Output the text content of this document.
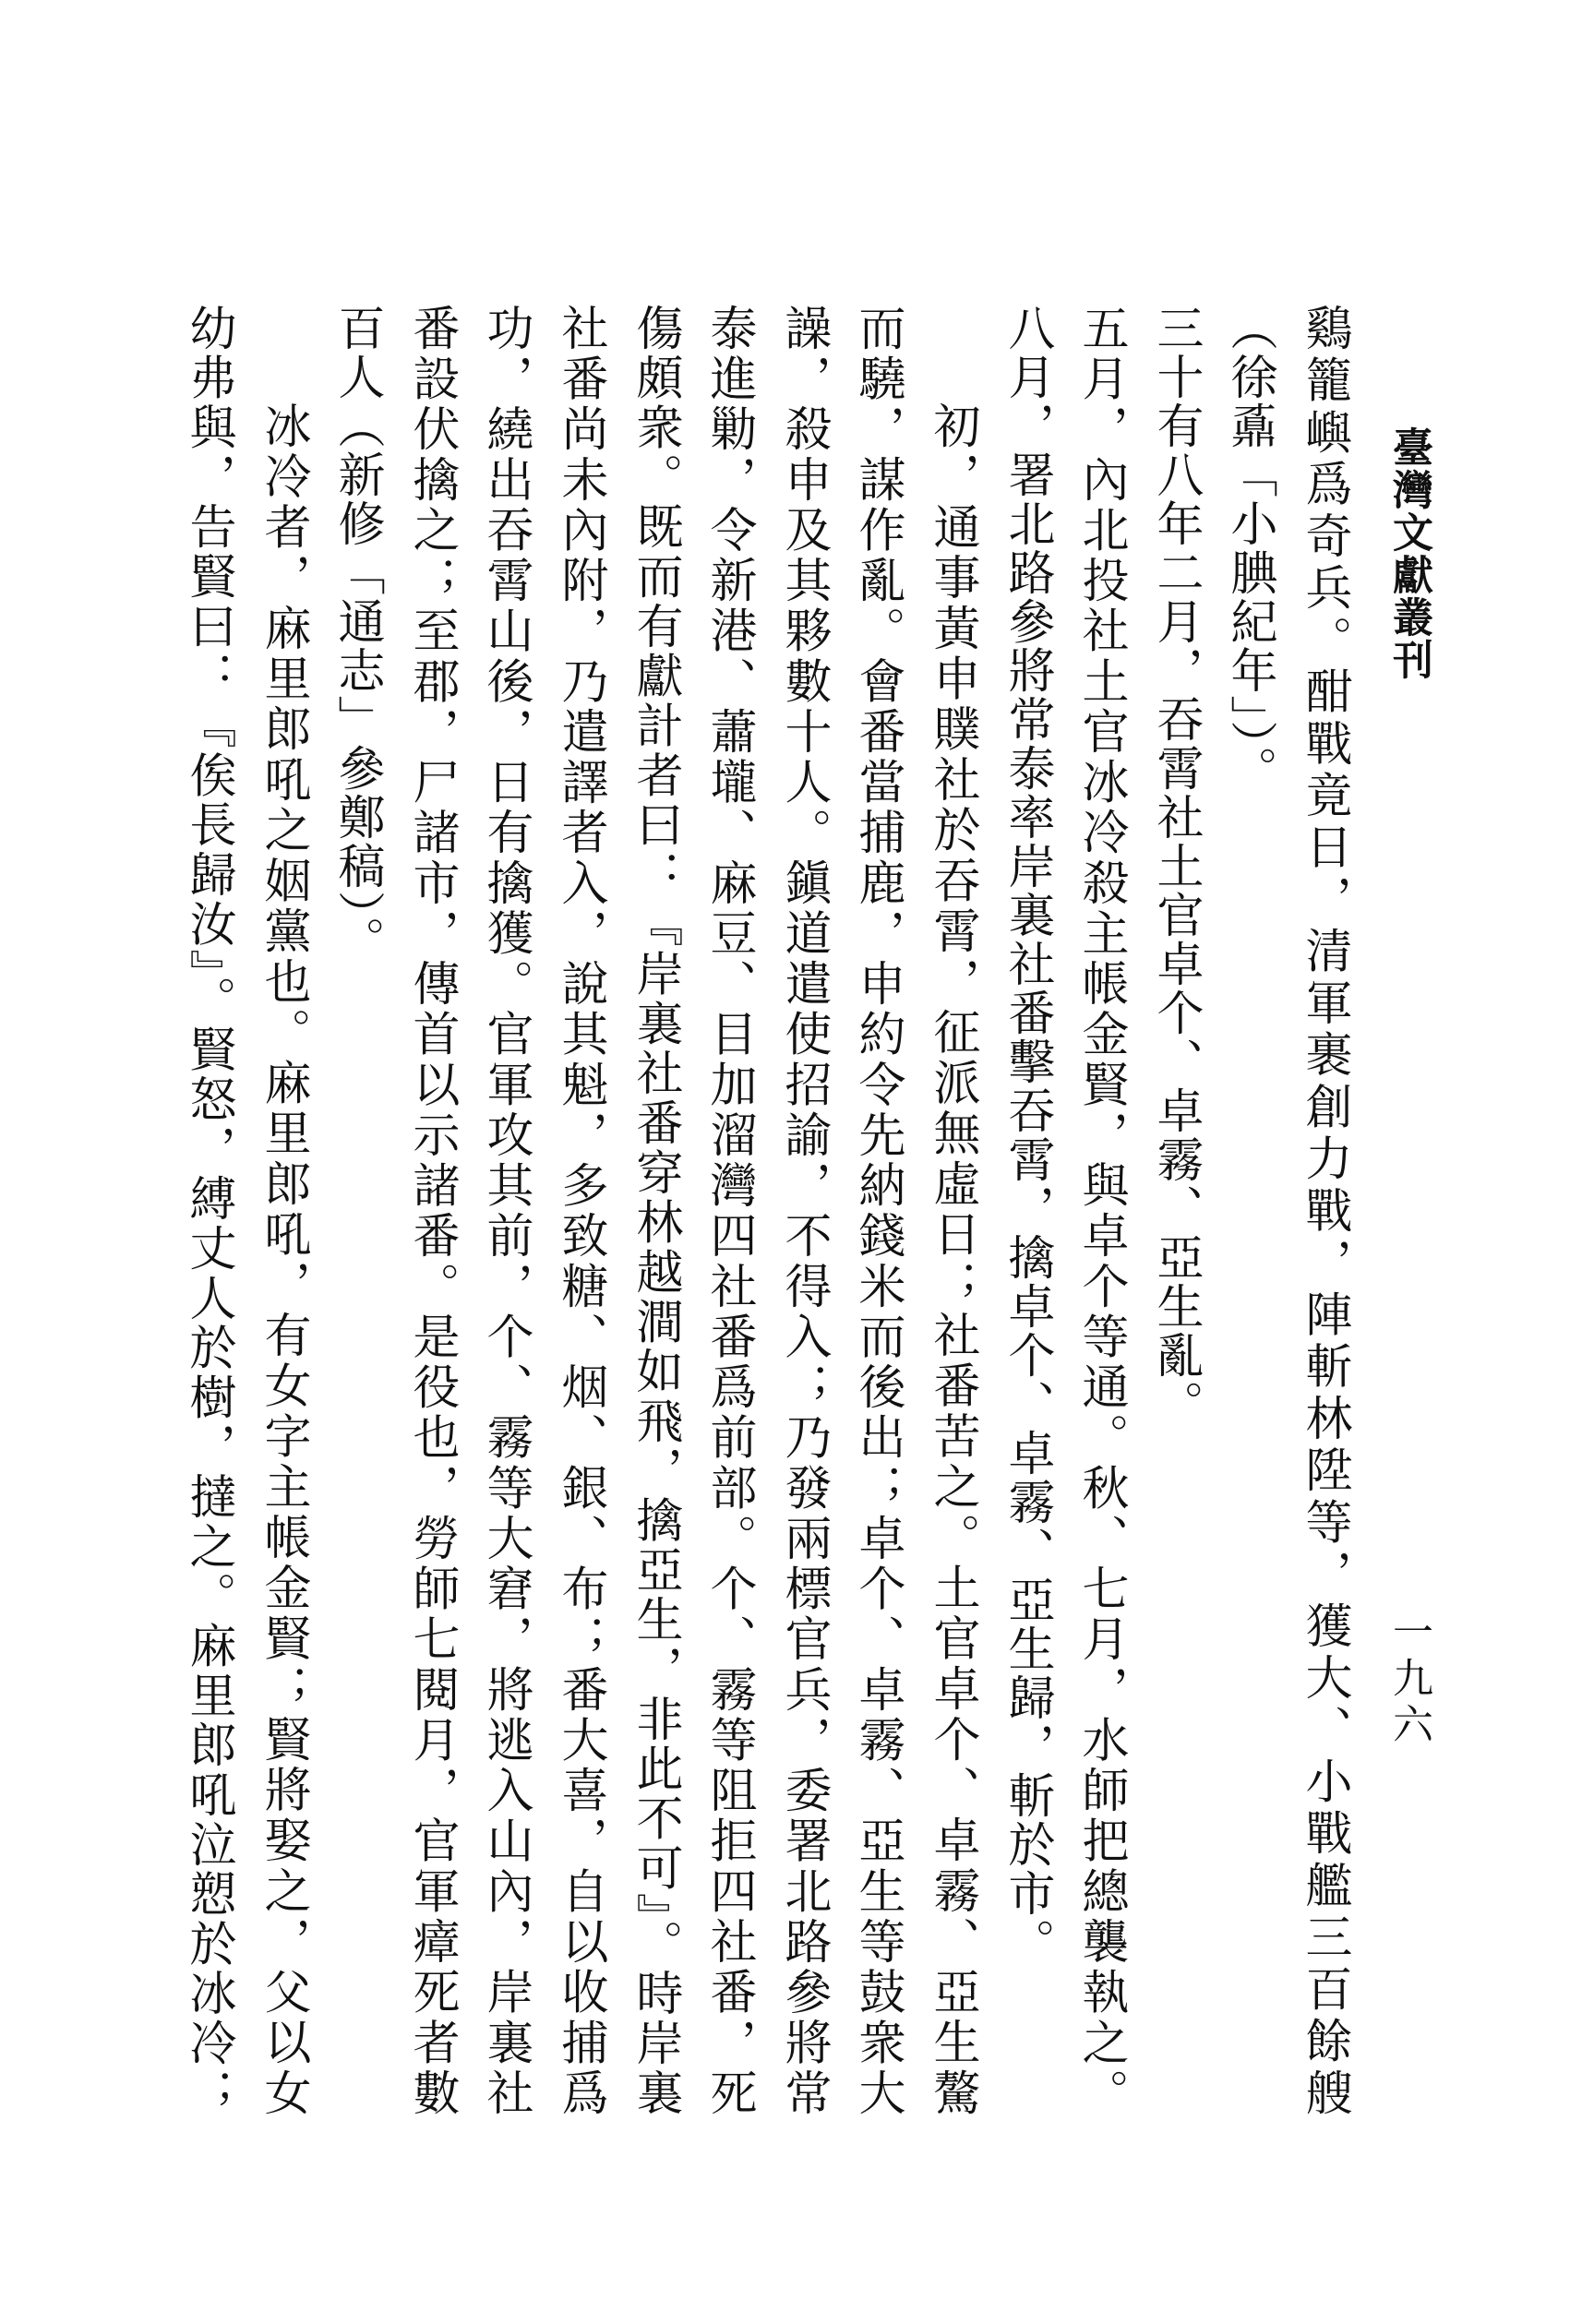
臺灣文獻叢刊
一九六
鷄籠嶼爲奇兵。酣戰竟日，清軍裹創力戰，陣斬林陞等，獲大、小戰艦三百餘艘
（徐鼒「小腆紀年」）。
三十有八年二月，吞霄社土官卓个、卓霧、亞生亂。
五月，內北投社土官冰冷殺主帳金賢，與卓个等通。秋、七月，水師把總襲執之。
八月，署北路參將常泰率岸裏社番擊吞霄，擒卓个、卓霧、亞生歸，斬於市。
初，通事黃申贌社於吞霄，征派無虛日；社番苦之。土官卓个、卓霧、亞生驁
而驍，謀作亂。會番當捕鹿，申約令先納錢米而後出；卓个、卓霧、亞生等鼓衆大
譟，殺申及其夥數十人。鎭道遣使招諭，不得入；乃發兩標官兵，委署北路參將常
泰進勦，令新港、蕭壠、麻豆、目加溜灣四社番爲前部。个、霧等阻拒四社番，死
傷頗衆。既而有獻計者曰：『岸裏社番穿林越澗如飛，擒亞生，非此不可』。時岸裏
社番尚未內附，乃遣譯者入，說其魁，多致糖、烟、銀、布；番大喜，自以收捕爲
功，繞出吞霄山後，日有擒獲。官軍攻其前，个、霧等大窘，將逃入山內，岸裏社
番設伏擒之；至郡，尸諸市，傳首以示諸番。是役也，勞師七閱月，官軍瘴死者數
百人（新修「通志」參鄭稿）。
冰冷者，麻里郎吼之姻黨也。麻里郎吼，有女字主帳金賢；賢將娶之，父以女
幼弗與，告賢曰：『俟長歸汝』。賢怒，縛丈人於樹，撻之。麻里郎吼泣愬於冰冷；
